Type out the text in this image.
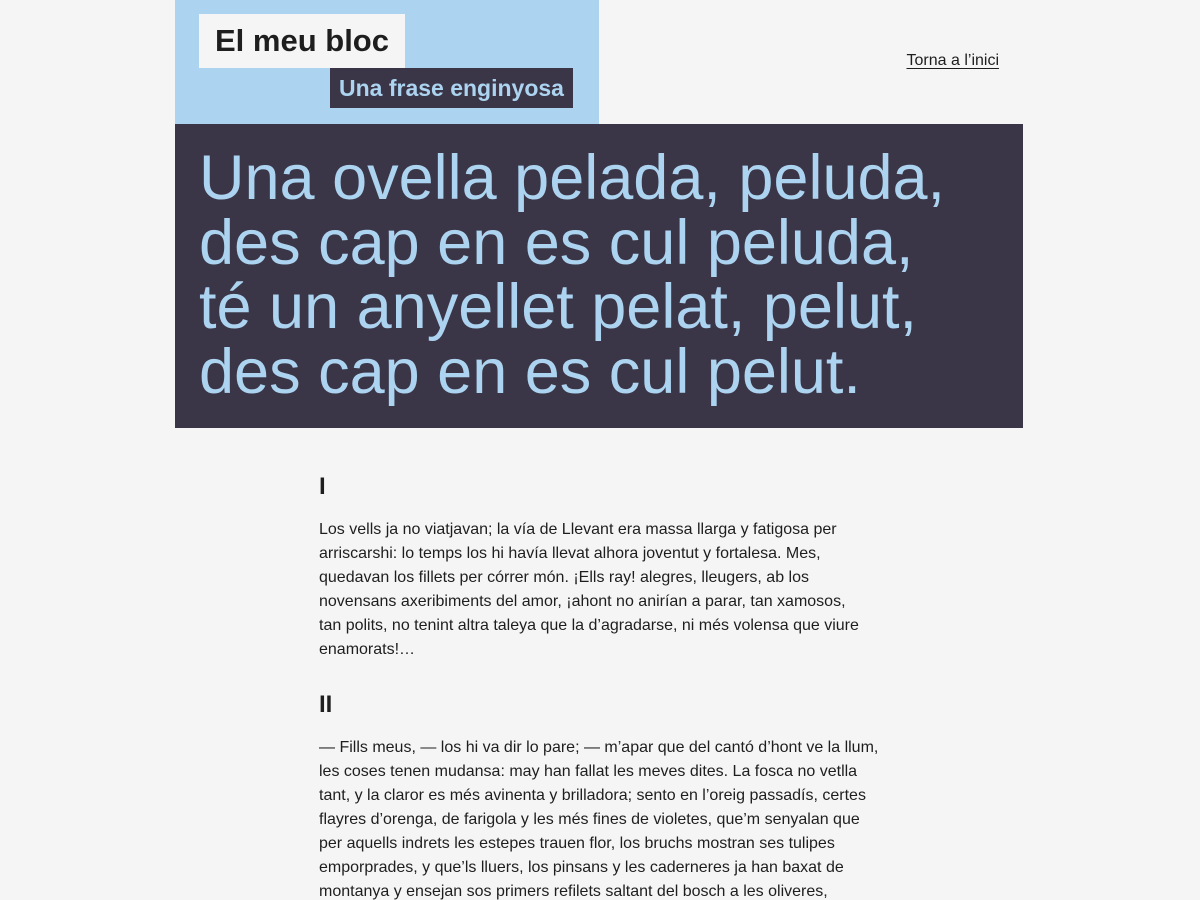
El meu bloc
Una frase enginyosa
Torna a l’inici
Una ovella pelada, peluda,
des cap en es cul peluda,
té un anyellet pelat, pelut,
des cap en es cul pelut.
I

Los vells ja no viatjavan; la vía de Llevant era massa llarga y fatigosa per
arriscarshi: lo temps los hi havía llevat alhora joventut y fortalesa. Mes,
quedavan los fillets per córrer món. ¡Ells ray! alegres, lleugers, ab los
novensans axeribiments del amor, ¡ahont no anirían a parar, tan xamosos,
tan polits, no tenint altra taleya que la d’agradarse, ni més volensa que viure
enamorats!…

II

— Fills meus, — los hi va dir lo pare; — m’apar que del cantó d’hont ve la llum,
les coses tenen mudansa: may han fallat les meves dites. La fosca no vetlla
tant, y la claror es més avinenta y brilladora; sento en l’oreig passadís, certes
flayres d’orenga, de farigola y les més fines de violetes, que’m senyalan que
per aquells indrets les estepes trauen flor, los bruchs mostran ses tulipes
emporprades, y que’ls lluers, los pinsans y les caderneres ja han baxat de
montanya y ensejan sos primers refilets saltant del bosch a les oliveres,
